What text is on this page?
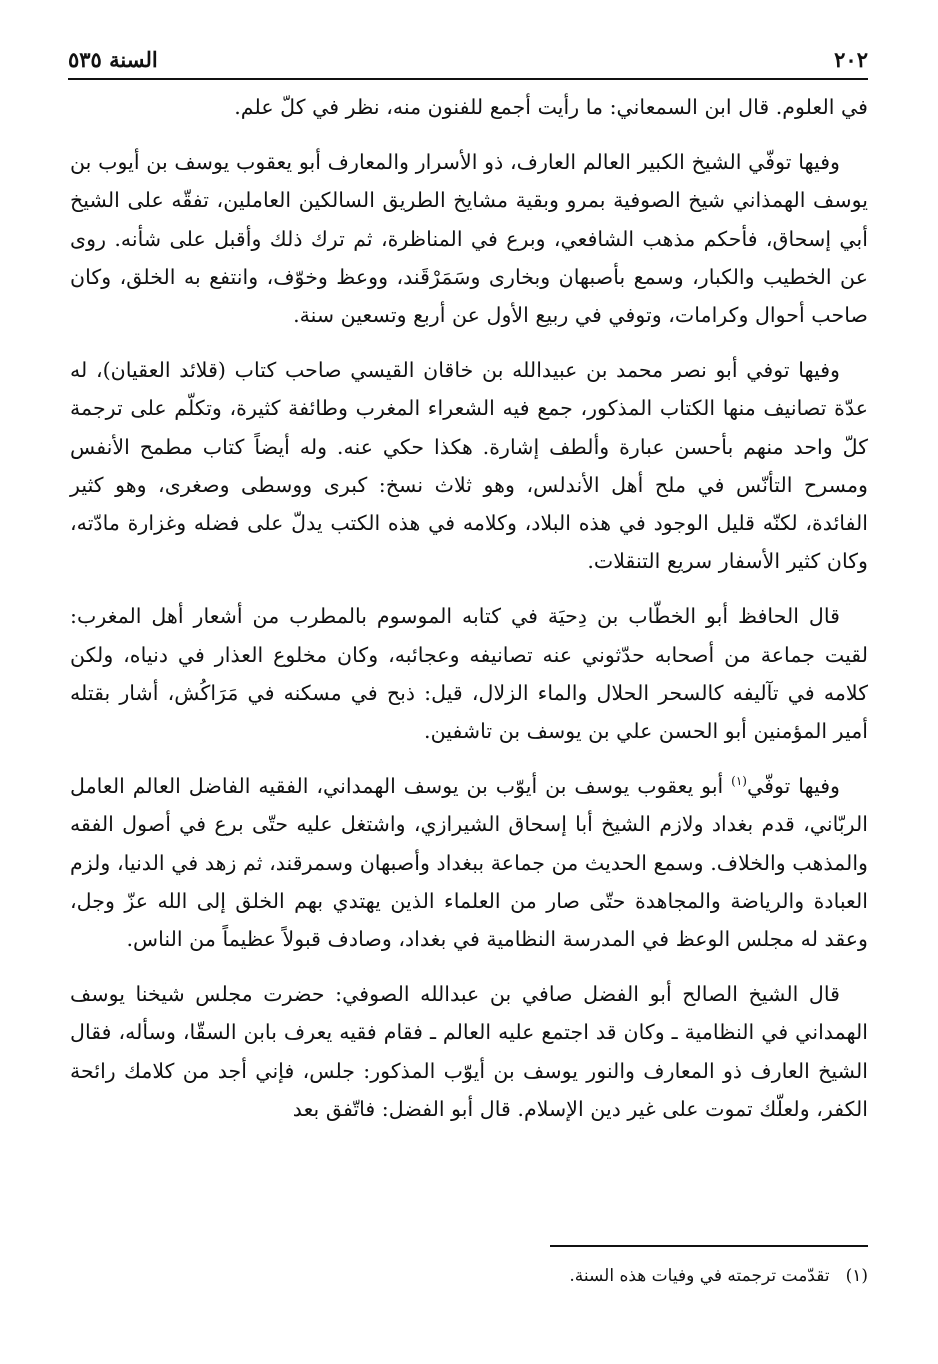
٢٠٢
السنة ٥٣٥

في العلوم. قال ابن السمعاني: ما رأيت أجمع للفنون منه، نظر في كلّ علم.

وفيها توفّي الشيخ الكبير العالم العارف، ذو الأسرار والمعارف أبو يعقوب يوسف بن أيوب بن يوسف الهمذاني شيخ الصوفية بمرو وبقية مشايخ الطريق السالكين العاملين، تفقّه على الشيخ أبي إسحاق، فأحكم مذهب الشافعي، وبرع في المناظرة، ثم ترك ذلك وأقبل على شأنه. روى عن الخطيب والكبار، وسمع بأصبهان وبخارى وسَمَرْقَند، ووعظ وخوّف، وانتفع به الخلق، وكان صاحب أحوال وكرامات، وتوفي في ربيع الأول عن أربع وتسعين سنة.

وفيها توفي أبو نصر محمد بن عبيدالله بن خاقان القيسي صاحب كتاب (قلائد العقيان)، له عدّة تصانيف منها الكتاب المذكور، جمع فيه الشعراء المغرب وطائفة كثيرة، وتكلّم على ترجمة كلّ واحد منهم بأحسن عبارة وألطف إشارة. هكذا حكي عنه. وله أيضاً كتاب مطمح الأنفس ومسرح التأنّس في ملح أهل الأندلس، وهو ثلاث نسخ: كبرى ووسطى وصغرى، وهو كثير الفائدة، لكنّه قليل الوجود في هذه البلاد، وكلامه في هذه الكتب يدلّ على فضله وغزارة مادّته، وكان كثير الأسفار سريع التنقلات.

قال الحافظ أبو الخطّاب بن دِحيَة في كتابه الموسوم بالمطرب من أشعار أهل المغرب: لقيت جماعة من أصحابه حدّثوني عنه تصانيفه وعجائبه، وكان مخلوع العذار في دنياه، ولكن كلامه في تآليفه كالسحر الحلال والماء الزلال، قيل: ذبح في مسكنه في مَرَاكُش، أشار بقتله أمير المؤمنين أبو الحسن علي بن يوسف بن تاشفين.

وفيها توفّي$^{(١)}$ أبو يعقوب يوسف بن أيوّب بن يوسف الهمداني، الفقيه الفاضل العالم العامل الربّاني، قدم بغداد ولازم الشيخ أبا إسحاق الشيرازي، واشتغل عليه حتّى برع في أصول الفقه والمذهب والخلاف. وسمع الحديث من جماعة ببغداد وأصبهان وسمرقند، ثم زهد في الدنيا، ولزم العبادة والرياضة والمجاهدة حتّى صار من العلماء الذين يهتدي بهم الخلق إلى الله عزّ وجل، وعقد له مجلس الوعظ في المدرسة النظامية في بغداد، وصادف قبولاً عظيماً من الناس.

قال الشيخ الصالح أبو الفضل صافي بن عبدالله الصوفي: حضرت مجلس شيخنا يوسف الهمداني في النظامية ـ وكان قد اجتمع عليه العالم ـ فقام فقيه يعرف بابن السقّا، وسأله، فقال الشيخ العارف ذو المعارف والنور يوسف بن أيوّب المذكور: جلس، فإني أجد من كلامك رائحة الكفر، ولعلّك تموت على غير دين الإسلام. قال أبو الفضل: فاتّفق بعد

(١)تقدّمت ترجمته في وفيات هذه السنة.
